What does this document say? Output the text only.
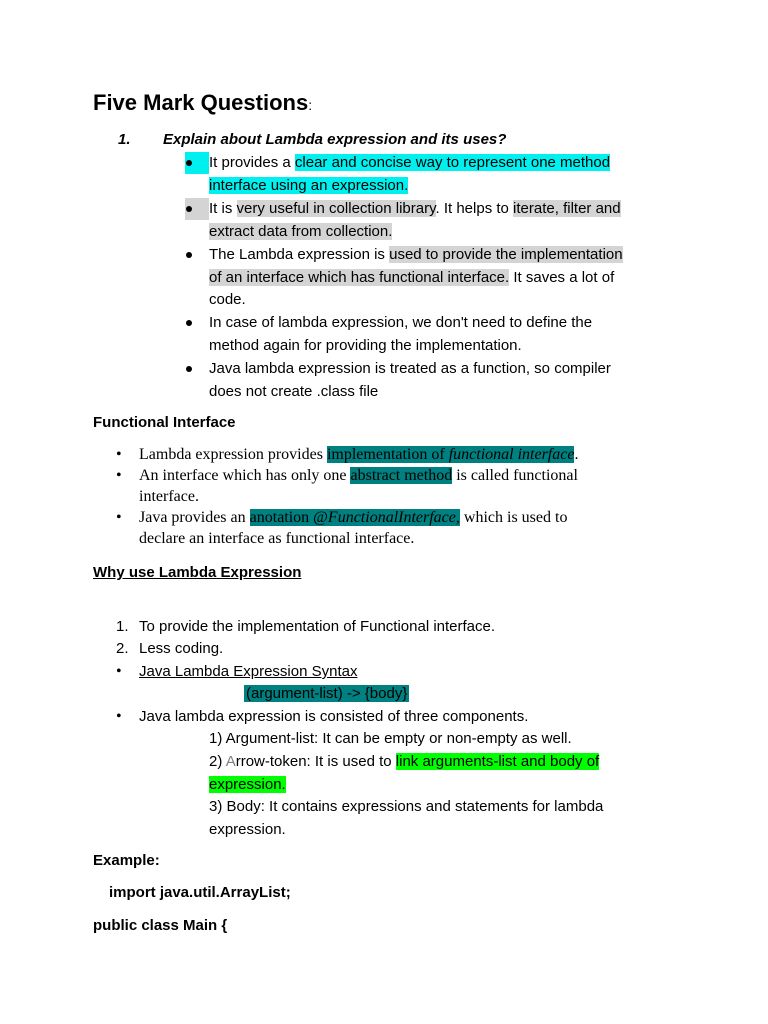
Five Mark Questions:
1. Explain about Lambda expression and its uses?
It provides a clear and concise way to represent one method
interface using an expression.
It is very useful in collection library. It helps to iterate, filter and
extract data from collection.
The Lambda expression is used to provide the implementation
of an interface which has functional interface. It saves a lot of
code.
In case of lambda expression, we don't need to define the
method again for providing the implementation.
Java lambda expression is treated as a function, so compiler
does not create .class file
Functional Interface
• Lambda expression provides implementation of functional interface.
• An interface which has only one abstract method is called functional
interface.
• Java provides an anotation @FunctionalInterface, which is used to
declare an interface as functional interface.
Why use Lambda Expression
1. To provide the implementation of Functional interface.
2. Less coding.
• Java Lambda Expression Syntax
(argument-list) -> {body}
• Java lambda expression is consisted of three components.
1) Argument-list: It can be empty or non-empty as well.
2) Arrow-token: It is used to link arguments-list and body of
expression.
3) Body: It contains expressions and statements for lambda
expression.
Example:
import java.util.ArrayList;
public class Main {
